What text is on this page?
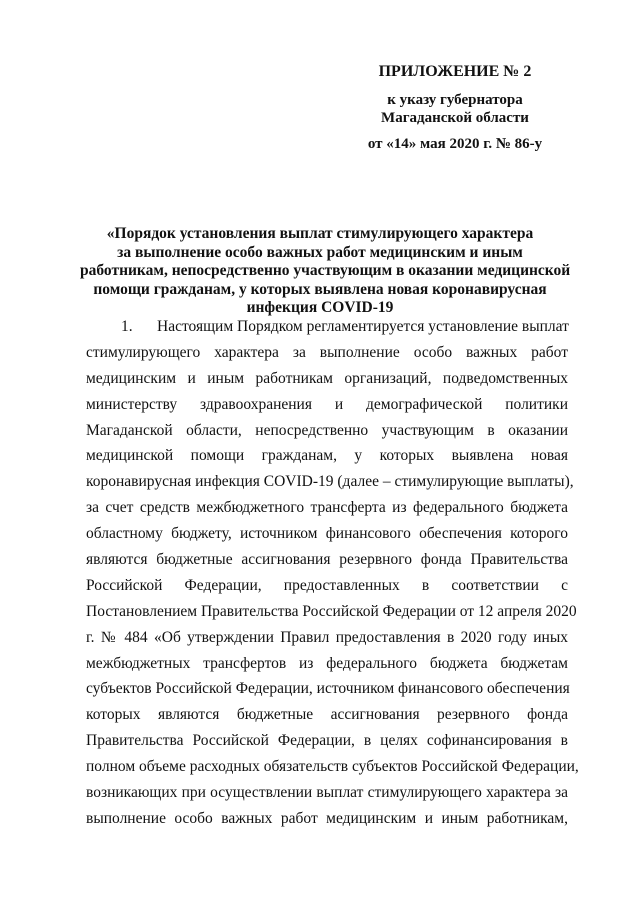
ПРИЛОЖЕНИЕ № 2
к указу губернатора
Магаданской области
от «14» мая 2020 г. № 86-у
«Порядок установления выплат стимулирующего характера
за выполнение особо важных работ медицинским и иным
работникам, непосредственно участвующим в оказании медицинской
помощи гражданам, у которых выявлена новая коронавирусная
инфекция COVID-19
1. Настоящим Порядком регламентируется установление выплат
стимулирующего характера за выполнение особо важных работ
медицинским и иным работникам организаций, подведомственных
министерству здравоохранения и демографической политики
Магаданской области, непосредственно участвующим в оказании
медицинской помощи гражданам, у которых выявлена новая
коронавирусная инфекция COVID-19 (далее – стимулирующие выплаты),
за счет средств межбюджетного трансферта из федерального бюджета
областному бюджету, источником финансового обеспечения которого
являются бюджетные ассигнования резервного фонда Правительства
Российской Федерации, предоставленных в соответствии с
Постановлением Правительства Российской Федерации от 12 апреля 2020
г. № 484 «Об утверждении Правил предоставления в 2020 году иных
межбюджетных трансфертов из федерального бюджета бюджетам
субъектов Российской Федерации, источником финансового обеспечения
которых являются бюджетные ассигнования резервного фонда
Правительства Российской Федерации, в целях софинансирования в
полном объеме расходных обязательств субъектов Российской Федерации,
возникающих при осуществлении выплат стимулирующего характера за
выполнение особо важных работ медицинским и иным работникам,
